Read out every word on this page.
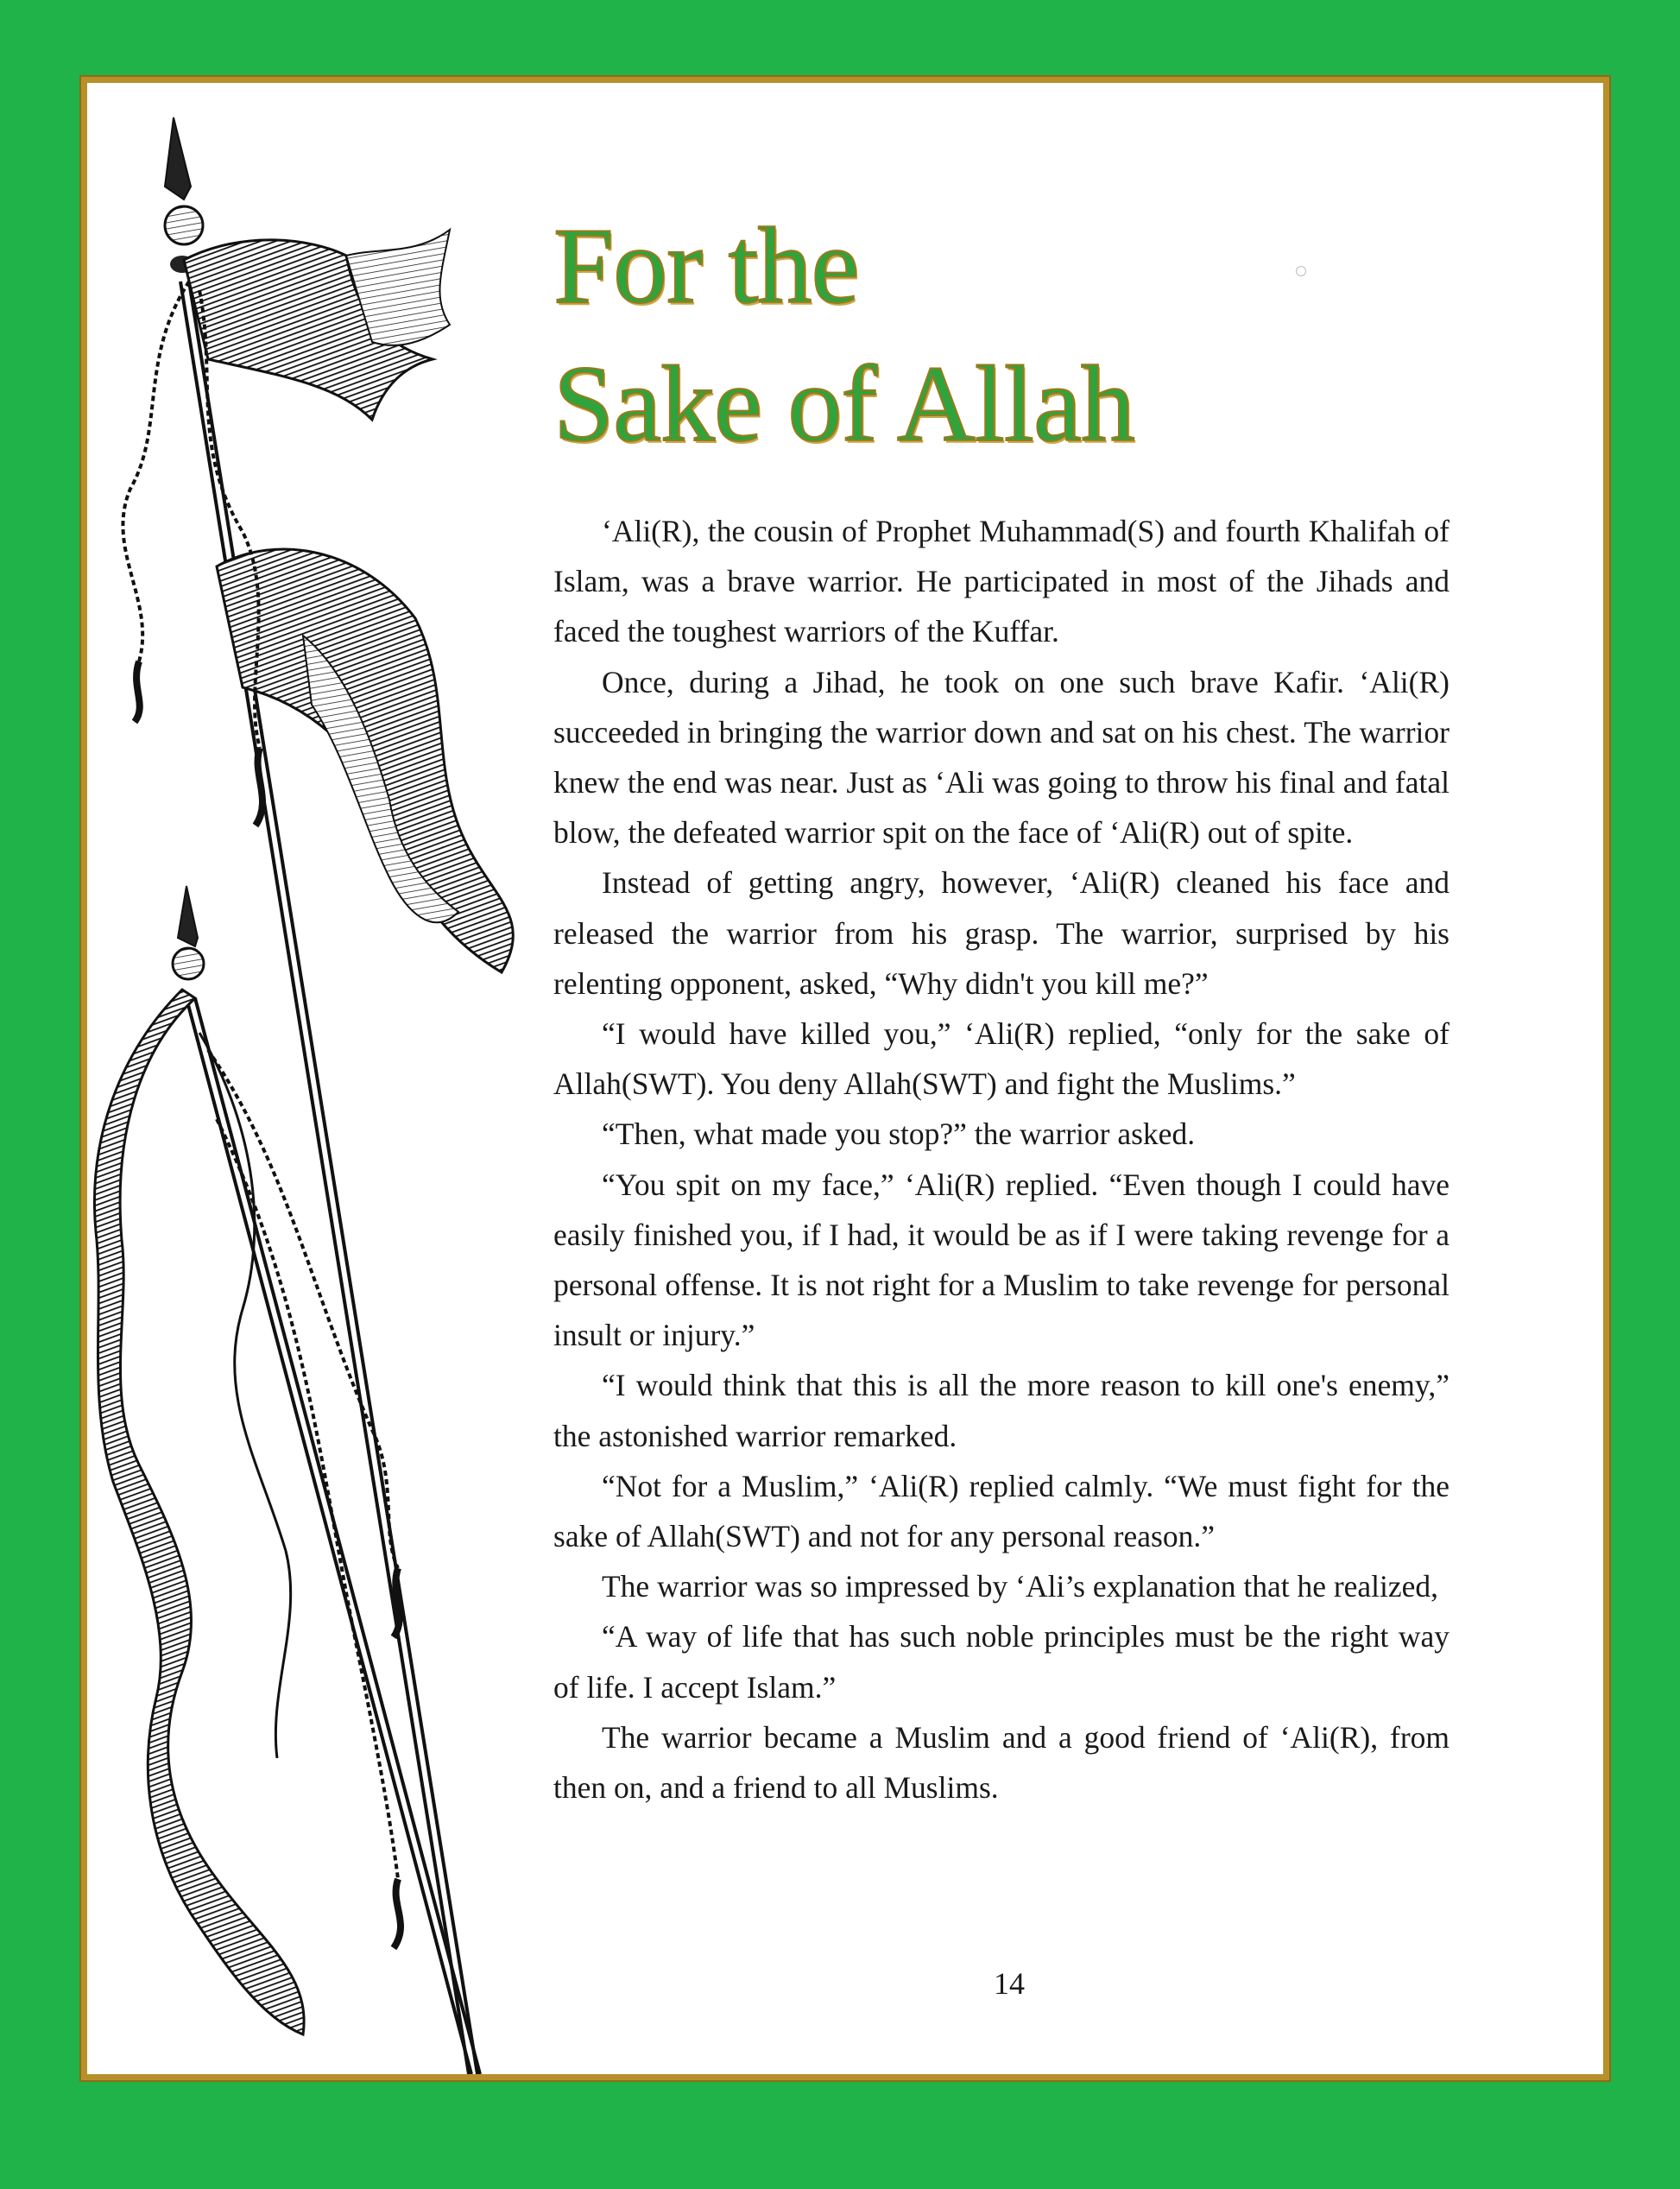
For the
Sake of Allah

‘Ali(R), the cousin of Prophet Muhammad(S) and fourth Khalifah of Islam, was a brave warrior. He participated in most of the Jihads and faced the toughest warriors of the Kuffar.

Once, during a Jihad, he took on one such brave Kafir. ‘Ali(R) succeeded in bringing the warrior down and sat on his chest. The warrior knew the end was near. Just as ‘Ali was going to throw his final and fatal blow, the defeated warrior spit on the face of ‘Ali(R) out of spite.

Instead of getting angry, however, ‘Ali(R) cleaned his face and released the warrior from his grasp. The warrior, surprised by his relenting opponent, asked, “Why didn't you kill me?”

“I would have killed you,” ‘Ali(R) replied, “only for the sake of Allah(SWT). You deny Allah(SWT) and fight the Muslims.”

“Then, what made you stop?” the warrior asked.

“You spit on my face,” ‘Ali(R) replied. “Even though I could have easily finished you, if I had, it would be as if I were taking revenge for a personal offense. It is not right for a Muslim to take revenge for personal insult or injury.”

“I would think that this is all the more reason to kill one's enemy,” the astonished warrior remarked.

“Not for a Muslim,” ‘Ali(R) replied calmly. “We must fight for the sake of Allah(SWT) and not for any personal reason.”

The warrior was so impressed by ‘Ali’s explanation that he realized,

“A way of life that has such noble principles must be the right way of life. I accept Islam.”

The warrior became a Muslim and a good friend of ‘Ali(R), from then on, and a friend to all Muslims.

14
